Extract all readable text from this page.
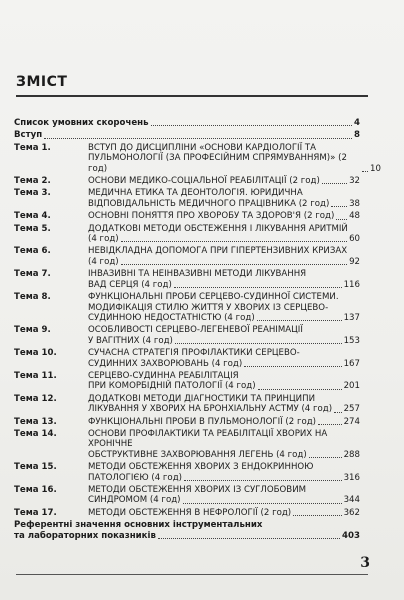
ЗМІСТ
Список умовних скорочень	4
Вступ	8
Тема 1.	ВСТУП ДО ДИСЦИПЛІНИ «ОСНОВИ КАРДІОЛОГІЇ ТА
ПУЛЬМОНОЛОГІЇ (ЗА ПРОФЕСІЙНИМ СПРЯМУВАННЯМ)» (2 год)	10
Тема 2.	ОСНОВИ МЕДИКО-СОЦІАЛЬНОЇ РЕАБІЛІТАЦІЇ (2 год)	32
Тема 3.	МЕДИЧНА ЕТИКА ТА ДЕОНТОЛОГІЯ. ЮРИДИЧНА
ВІДПОВІДАЛЬНІСТЬ МЕДИЧНОГО ПРАЦІВНИКА (2 год) 38
Тема 4.	ОСНОВНІ ПОНЯТТЯ ПРО ХВОРОБУ ТА ЗДОРОВ'Я (2 год) 48
Тема 5.	ДОДАТКОВІ МЕТОДИ ОБСТЕЖЕННЯ І ЛІКУВАННЯ АРИТМІЙ
(4 год)	60
Тема 6.	НЕВІДКЛАДНА ДОПОМОГА ПРИ ГІПЕРТЕНЗИВНИХ КРИЗАХ
(4 год)	92
Тема 7.	ІНВАЗИВНІ ТА НЕІНВАЗИВНІ МЕТОДИ ЛІКУВАННЯ
ВАД СЕРЦЯ (4 год)	116
Тема 8.	ФУНКЦІОНАЛЬНІ ПРОБИ СЕРЦЕВО-СУДИННОЇ СИСТЕМИ.
МОДИФІКАЦІЯ СТИЛЮ ЖИТТЯ У ХВОРИХ ІЗ СЕРЦЕВО-
СУДИННОЮ НЕДОСТАТНІСТЮ (4 год)	137
Тема 9.	ОСОБЛИВОСТІ СЕРЦЕВО-ЛЕГЕНЕВОЇ РЕАНІМАЦІЇ
У ВАГІТНИХ (4 год)	153
Тема 10.	СУЧАСНА СТРАТЕГІЯ ПРОФІЛАКТИКИ СЕРЦЕВО-
СУДИННИХ ЗАХВОРЮВАНЬ (4 год)	167
Тема 11.	СЕРЦЕВО-СУДИННА РЕАБІЛІТАЦІЯ
ПРИ КОМОРБІДНІЙ ПАТОЛОГІЇ (4 год)	201
Тема 12.	ДОДАТКОВІ МЕТОДИ ДІАГНОСТИКИ ТА ПРИНЦИПИ
ЛІКУВАННЯ У ХВОРИХ НА БРОНХІАЛЬНУ АСТМУ (4 год) 257
Тема 13.	ФУНКЦІОНАЛЬНІ ПРОБИ В ПУЛЬМОНОЛОГІЇ (2 год)	274
Тема 14.	ОСНОВИ ПРОФІЛАКТИКИ ТА РЕАБІЛІТАЦІЇ ХВОРИХ НА ХРОНІЧНЕ
ОБСТРУКТИВНЕ ЗАХВОРЮВАННЯ ЛЕГЕНЬ (4 год)	288
Тема 15.	МЕТОДИ ОБСТЕЖЕННЯ ХВОРИХ З ЕНДОКРИННОЮ
ПАТОЛОГІЄЮ (4 год)	316
Тема 16.	МЕТОДИ ОБСТЕЖЕННЯ ХВОРИХ ІЗ СУГЛОБОВИМ
СИНДРОМОМ (4 год)	344
Тема 17.	МЕТОДИ ОБСТЕЖЕННЯ В НЕФРОЛОГІЇ (2 год)	362
Референтні значення основних інструментальних
та лабораторних показників	403
3
